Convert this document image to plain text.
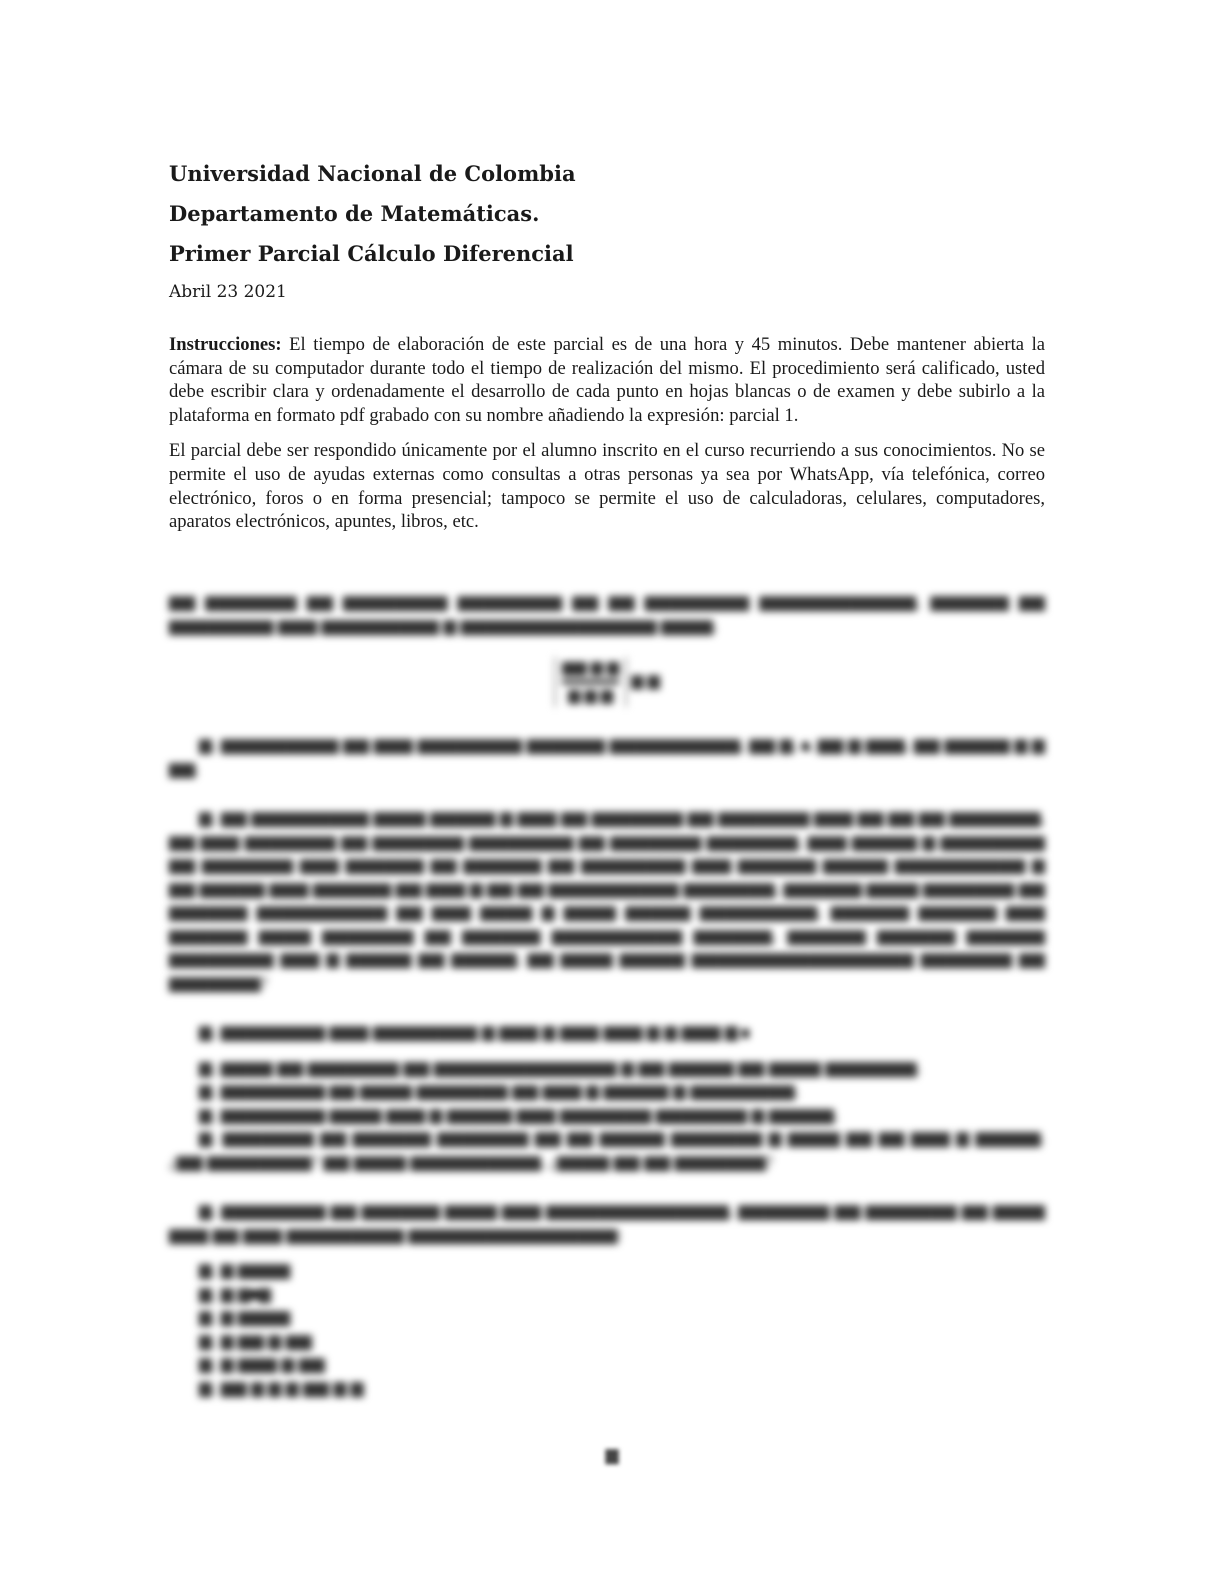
Universidad Nacional de Colombia
Departamento de Matemáticas.
Primer Parcial Cálculo Diferencial
Abril 23 2021

Instrucciones: El tiempo de elaboración de este parcial es de una hora y 45 minutos. Debe mantener abierta la cámara de su computador durante todo el tiempo de realización del mismo. El procedimiento será calificado, usted debe escribir clara y ordenadamente el desarrollo de cada punto en hojas blancas o de examen y debe subirlo a la plataforma en formato pdf grabado con su nombre añadiendo la expresión: parcial 1.

El parcial debe ser respondido únicamente por el alumno inscrito en el curso recurriendo a sus conocimientos. No se permite el uso de ayudas externas como consultas a otras personas ya sea por WhatsApp, vía telefónica, correo electrónico, foros o en forma presencial; tampoco se permite el uso de calculadoras, celulares, computadores, aparatos electrónicos, apuntes, libros, etc.

▆▆ ▆▆▆▆▆▆▆ ▆▆ ▆▆▆▆▆▆▆▆ ▆▆▆▆▆▆▆▆ ▆▆ ▆▆ ▆▆▆▆▆▆▆▆ ▆▆▆▆▆▆▆▆▆▆▆▆, ▆▆▆▆▆▆ ▆▆ ▆▆▆▆▆▆▆▆ ▆▆▆ ▆▆▆▆▆▆▆▆▆ ▆ ▆▆▆▆▆▆▆▆▆▆▆▆▆▆▆ ▆▆▆▆.
$\frac{▆▆ ▆ ▆}{▆ ▆ ▆}$ ▆ ▆
▆. ▆▆▆▆▆▆▆▆▆ ▆▆ ▆▆▆ ▆▆▆▆▆▆▆▆ ▆▆▆▆▆▆ ▆▆▆▆▆▆▆▆▆▆, ▆▆ ▆, , ▆▆ ▆ ▆▆▆, ▆▆ ▆▆▆▆▆ ▆ ▆ ▆▆.
▆. ▆▆ ▆▆▆▆▆▆▆▆▆ ▆▆▆▆ ▆▆▆▆▆ ▆ ▆▆▆ ▆▆ ▆▆▆▆▆▆▆ ▆▆ ▆▆▆▆▆▆▆ ▆▆▆ ▆▆ ▆▆ ▆▆ ▆▆▆▆▆▆▆, ▆▆ ▆▆▆ ▆▆▆▆▆▆▆ ▆▆ ▆▆▆▆▆▆▆ ▆▆▆▆▆▆▆▆ ▆▆ ▆▆▆▆▆▆▆ ▆▆▆▆▆▆▆, ▆▆▆ ▆▆▆▆▆ ▆ ▆▆▆▆▆▆▆▆ ▆▆ ▆▆▆▆▆▆▆ ▆▆▆ ▆▆▆▆▆▆ ▆▆ ▆▆▆▆▆▆ ▆▆ ▆▆▆▆▆▆▆▆ ▆▆▆ ▆▆▆▆▆▆ ▆▆▆▆▆ ▆▆▆▆▆▆▆▆▆▆ ▆ ▆▆ ▆▆▆▆▆ ▆▆▆ ▆▆▆▆▆▆ ▆▆ ▆▆▆ ▆ ▆▆ ▆▆ ▆▆▆▆▆▆▆▆▆▆ ▆▆▆▆▆▆▆, ▆▆▆▆▆▆ ▆▆▆▆ ▆▆▆▆▆▆▆ ▆▆ ▆▆▆▆▆▆ ▆▆▆▆▆▆▆▆▆▆ ▆▆ ▆▆▆ ▆▆▆▆ ▆ ▆▆▆▆ ▆▆▆▆▆ ▆▆▆▆▆▆▆▆▆, ▆▆▆▆▆▆ ▆▆▆▆▆▆ ▆▆▆ ▆▆▆▆▆▆ ▆▆▆▆ ▆▆▆▆▆▆▆ ▆▆ ▆▆▆▆▆▆ ▆▆▆▆▆▆▆▆▆▆ ▆▆▆▆▆▆, ▆▆▆▆▆▆ ▆▆▆▆▆▆ ▆▆▆▆▆▆ ▆▆▆▆▆▆▆▆ ▆▆▆ ▆ ▆▆▆▆▆ ▆▆ ▆▆▆▆▆, ▆▆ ▆▆▆▆ ▆▆▆▆▆ ▆▆▆▆▆▆▆▆▆▆▆▆▆▆▆▆▆ ▆▆▆▆▆▆▆ ▆▆ ▆▆▆▆▆▆▆?
▆. ▆▆▆▆▆▆▆▆ ▆▆▆ ▆▆▆▆▆▆▆▆ ▆ ▆▆▆ ▆ ▆▆▆ ▆▆▆ ▆ ▆ ▆▆▆ ▆
▆. ▆▆▆▆ ▆▆ ▆▆▆▆▆▆▆ ▆▆ ▆▆▆▆▆▆▆▆▆▆▆▆▆▆ ▆ ▆▆ ▆▆▆▆▆ ▆▆ ▆▆▆▆ ▆▆▆▆▆▆▆.
▆. ▆▆▆▆▆▆▆▆ ▆▆ ▆▆▆▆ ▆▆▆▆▆▆▆ ▆▆ ▆▆▆ ▆ ▆▆▆▆▆ ▆ ▆▆▆▆▆▆▆▆.
▆. ▆▆▆▆▆▆▆▆ ▆▆▆▆ ▆▆▆ ▆ ▆▆▆▆▆ ▆▆▆ ▆▆▆▆▆▆▆ ▆▆▆▆▆▆▆ ▆ ▆▆▆▆▆.
▆. ▆▆▆▆▆▆▆ ▆▆ ▆▆▆▆▆▆ ▆▆▆▆▆▆▆ ▆▆ ▆▆ ▆▆▆▆▆ ▆▆▆▆▆▆▆ ▆ ▆▆▆▆ ▆▆ ▆▆ ▆▆▆ ▆ ▆▆▆▆▆. ¿▆▆ ▆▆▆▆▆▆▆▆? ▆▆ ▆▆▆▆ ▆▆▆▆▆▆▆▆▆▆, ¿▆▆▆▆ ▆▆ ▆▆ ▆▆▆▆▆▆▆?
▆. ▆▆▆▆▆▆▆▆ ▆▆ ▆▆▆▆▆▆ ▆▆▆▆ ▆▆▆ ▆▆▆▆▆▆▆▆▆▆▆▆▆▆, ▆▆▆▆▆▆▆ ▆▆ ▆▆▆▆▆▆▆ ▆▆ ▆▆▆▆ ▆▆▆ ▆▆ ▆▆▆ ▆▆▆▆▆▆▆▆▆ ▆▆▆▆▆▆▆▆▆▆▆▆▆▆▆▆:
▆. ▆ ▆▆▆▆
▆. ▆ ▆ ▆
▆. ▆ ▆▆▆▆
▆. ▆ ▆▆ ▆ ▆▆
▆. ▆ ▆▆▆ ▆ ▆▆
▆. ▆▆ ▆ ▆ ▆ ▆▆ ▆ ▆
▆
